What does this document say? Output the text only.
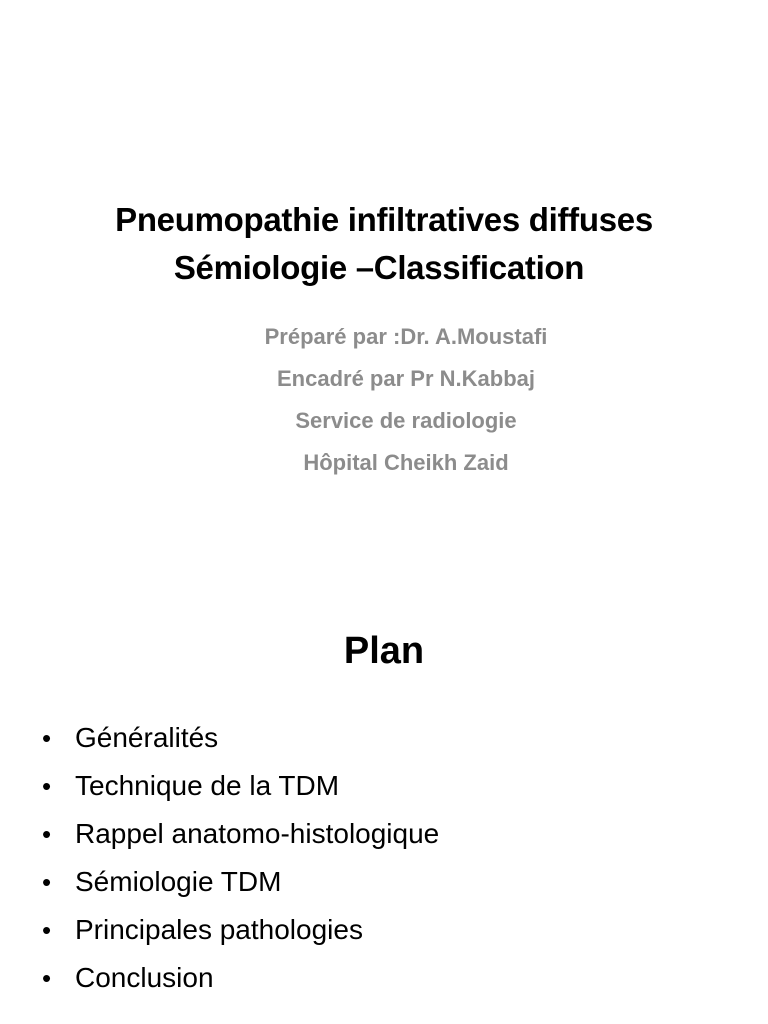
Pneumopathie infiltratives diffuses
Sémiologie –Classification
Préparé par :Dr. A.Moustafi
Encadré par Pr N.Kabbaj
Service de radiologie
Hôpital Cheikh Zaid
Plan
• Généralités
• Technique de la TDM
• Rappel anatomo-histologique
• Sémiologie TDM
• Principales pathologies
• Conclusion
